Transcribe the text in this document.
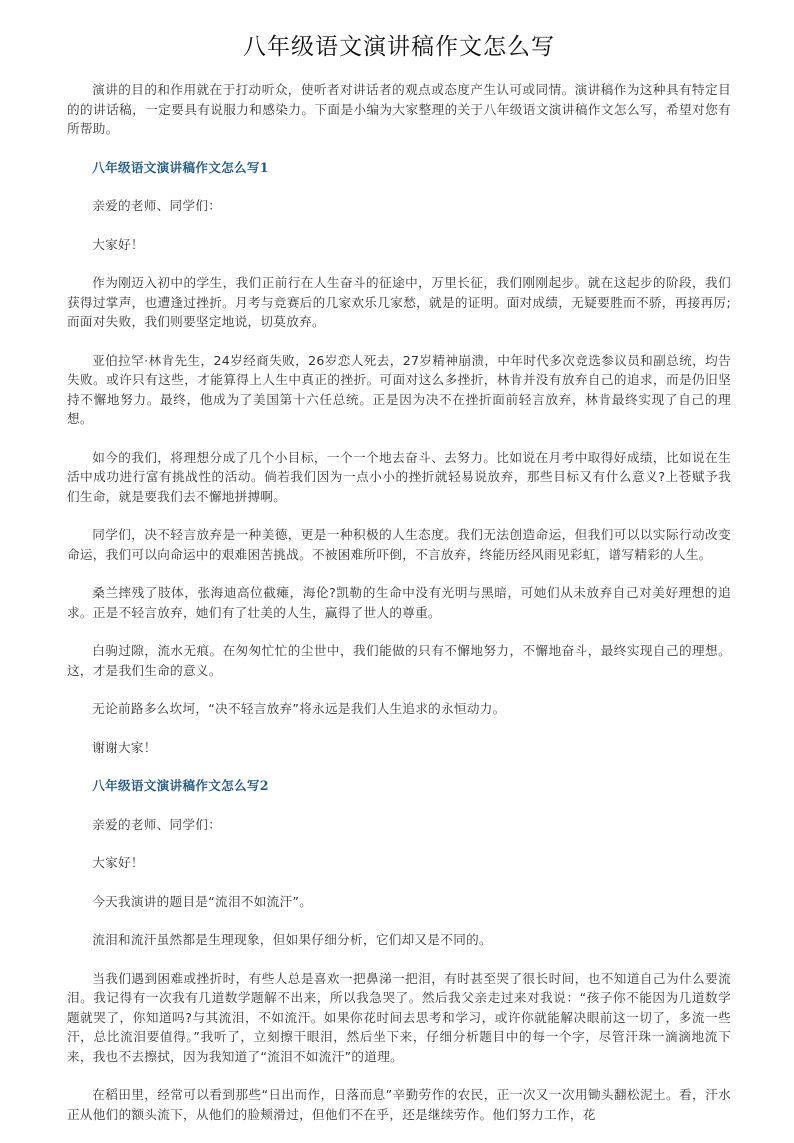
八年级语文演讲稿作文怎么写

演讲的目的和作用就在于打动听众，使听者对讲话者的观点或态度产生认可或同情。演讲稿作为这种具有特定目的的讲话稿，一定要具有说服力和感染力。下面是小编为大家整理的关于八年级语文演讲稿作文怎么写，希望对您有所帮助。

八年级语文演讲稿作文怎么写1

亲爱的老师、同学们：

大家好！

作为刚迈入初中的学生，我们正前行在人生奋斗的征途中，万里长征，我们刚刚起步。就在这起步的阶段，我们获得过掌声，也遭逢过挫折。月考与竞赛后的几家欢乐几家愁，就是的证明。面对成绩，无疑要胜而不骄，再接再厉;而面对失败，我们则要坚定地说，切莫放弃。

亚伯拉罕·林肯先生，24岁经商失败，26岁恋人死去，27岁精神崩溃，中年时代多次竞选参议员和副总统，均告失败。或许只有这些，才能算得上人生中真正的挫折。可面对这么多挫折，林肯并没有放弃自己的追求，而是仍旧坚持不懈地努力。最终，他成为了美国第十六任总统。正是因为决不在挫折面前轻言放弃，林肯最终实现了自己的理想。

如今的我们，将理想分成了几个小目标，一个一个地去奋斗、去努力。比如说在月考中取得好成绩，比如说在生活中成功进行富有挑战性的活动。倘若我们因为一点小小的挫折就轻易说放弃，那些目标又有什么意义?上苍赋予我们生命，就是要我们去不懈地拼搏啊。

同学们，决不轻言放弃是一种美德，更是一种积极的人生态度。我们无法创造命运，但我们可以以实际行动改变命运，我们可以向命运中的艰难困苦挑战。不被困难所吓倒，不言放弃，终能历经风雨见彩虹，谱写精彩的人生。

桑兰摔残了肢体，张海迪高位截瘫，海伦?凯勒的生命中没有光明与黑暗，可她们从未放弃自己对美好理想的追求。正是不轻言放弃，她们有了壮美的人生，赢得了世人的尊重。

白驹过隙，流水无痕。在匆匆忙忙的尘世中，我们能做的只有不懈地努力，不懈地奋斗，最终实现自己的理想。这，才是我们生命的意义。

无论前路多么坎坷，“决不轻言放弃”将永远是我们人生追求的永恒动力。

谢谢大家！

八年级语文演讲稿作文怎么写2

亲爱的老师、同学们：

大家好！

今天我演讲的题目是“流泪不如流汗”。

流泪和流汗虽然都是生理现象，但如果仔细分析，它们却又是不同的。

当我们遇到困难或挫折时，有些人总是喜欢一把鼻涕一把泪，有时甚至哭了很长时间，也不知道自己为什么要流泪。我记得有一次我有几道数学题解不出来，所以我急哭了。然后我父亲走过来对我说：“孩子你不能因为几道数学题就哭了，你知道吗?与其流泪，不如流汗。如果你花时间去思考和学习，或许你就能解决眼前这一切了，多流一些汗，总比流泪要值得。”我听了，立刻擦干眼泪，然后坐下来，仔细分析题目中的每一个字，尽管汗珠一滴滴地流下来，我也不去擦拭，因为我知道了“流泪不如流汗”的道理。

在稻田里，经常可以看到那些“日出而作，日落而息”辛勤劳作的农民，正一次又一次用锄头翻松泥土。看，汗水正从他们的额头流下，从他们的脸颊滑过，但他们不在乎，还是继续劳作。他们努力工作，花
